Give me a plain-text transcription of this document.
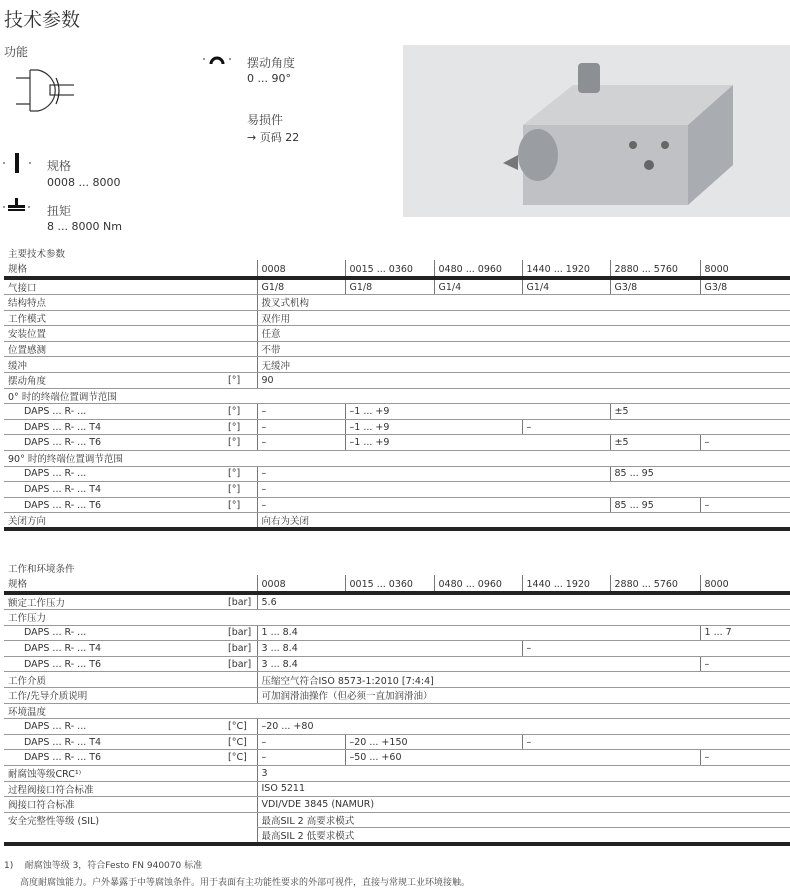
技术参数
功能
摆动角度
0 ... 90°
易损件
→ 页码 22
规格
0008 ... 8000
扭矩
8 ... 8000 Nm
主要技术参数							
规格		0008	0015 ... 0360	0480 ... 0960	1440 ... 1920	2880 ... 5760	8000
气接口		G1/8	G1/8	G1/4	G1/4	G3/8	G3/8
结构特点		拨叉式机构					
工作模式		双作用					
安装位置		任意					
位置感测		不带					
缓冲		无缓冲					
摆动角度	[°]	90					
0° 时的终端位置调节范围							
DAPS ... R- ...	[°]	–	–1 ... +9			±5	
DAPS ... R- ... T4	[°]	–	–1 ... +9		–		
DAPS ... R- ... T6	[°]	–	–1 ... +9			±5	–
90° 时的终端位置调节范围							
DAPS ... R- ...	[°]	–				85 ... 95	
DAPS ... R- ... T4	[°]	–					
DAPS ... R- ... T6	[°]	–				85 ... 95	–
关闭方向		向右为关闭					
工作和环境条件							
规格		0008	0015 ... 0360	0480 ... 0960	1440 ... 1920	2880 ... 5760	8000
额定工作压力	[bar]	5.6					
工作压力							
DAPS ... R- ...	[bar]	1 ... 8.4					1 ... 7
DAPS ... R- ... T4	[bar]	3 ... 8.4			–		
DAPS ... R- ... T6	[bar]	3 ... 8.4					–
工作介质		压缩空气符合ISO 8573-1:2010 [7:4:4]					
工作/先导介质说明		可加润滑油操作（但必须一直加润滑油）					
环境温度							
DAPS ... R- ...	[°C]	–20 ... +80					
DAPS ... R- ... T4	[°C]	–	–20 ... +150		–		
DAPS ... R- ... T6	[°C]	–	–50 ... +60				–
耐腐蚀等级CRC¹⁾		3					
过程阀接口符合标准		ISO 5211					
阀接口符合标准		VDI/VDE 3845 (NAMUR)					
安全完整性等级 (SIL)		最高SIL 2 高要求模式					
		最高SIL 2 低要求模式					
1) 耐腐蚀等级 3，符合Festo FN 940070 标准
高度耐腐蚀能力。户外暴露于中等腐蚀条件。用于表面有主功能性要求的外部可视件，直接与常规工业环境接触。
